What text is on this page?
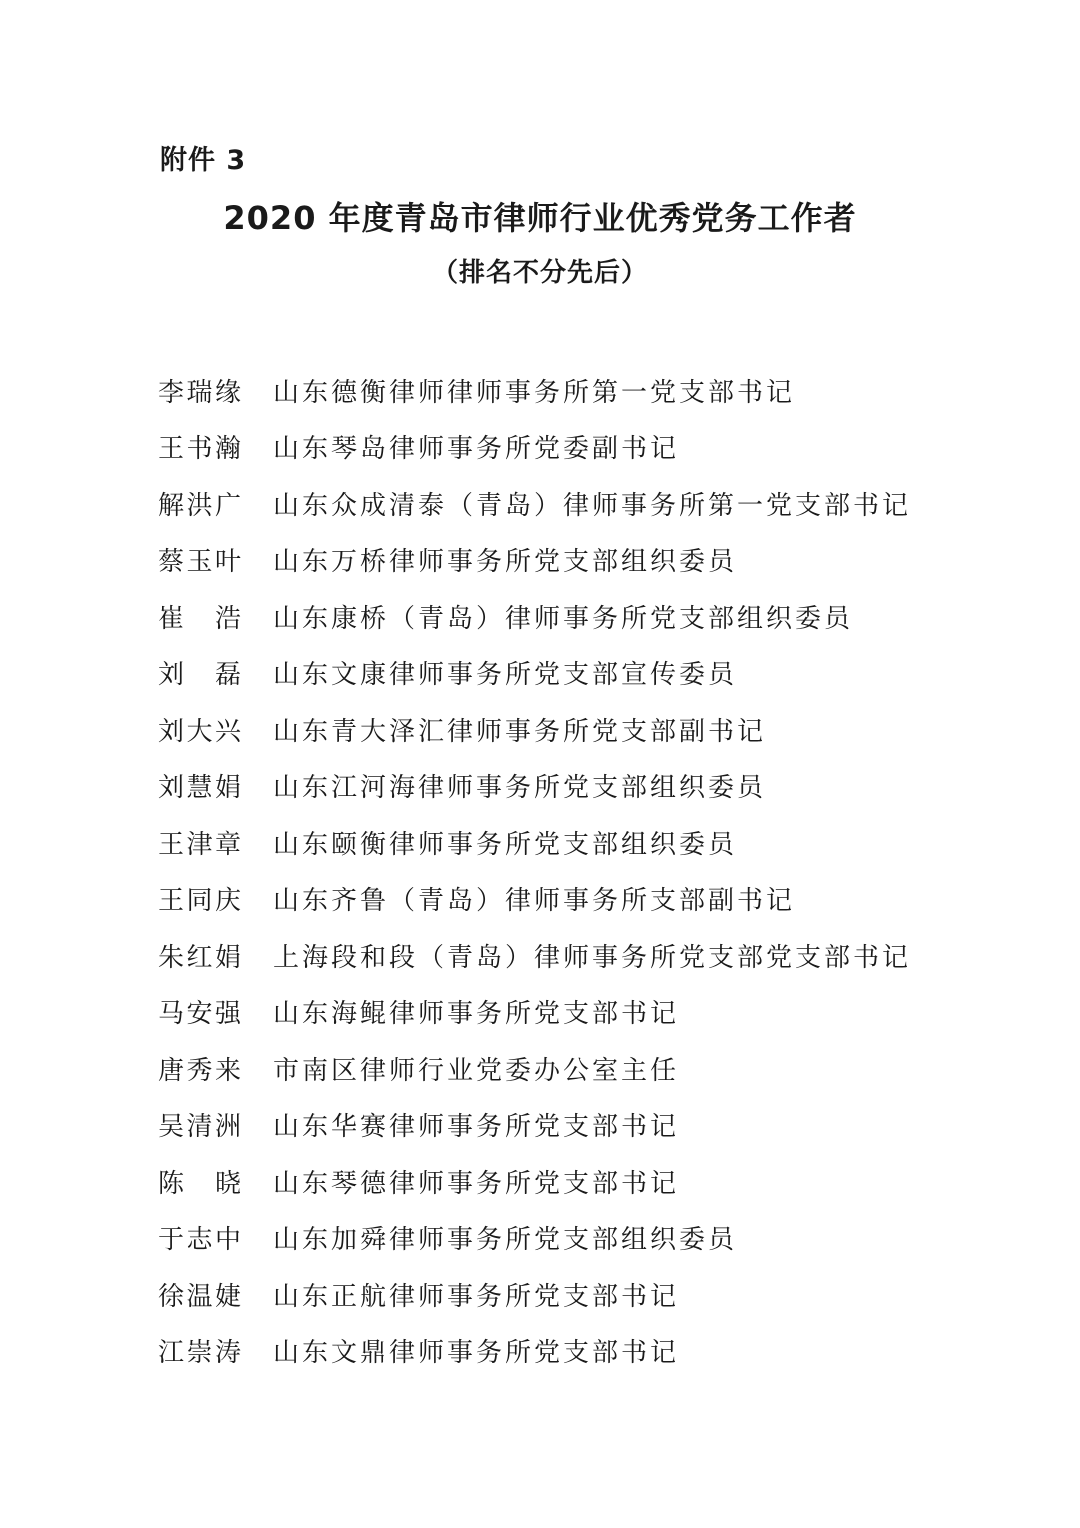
附件 3
2020 年度青岛市律师行业优秀党务工作者
（排名不分先后）
李瑞缘 山东德衡律师律师事务所第一党支部书记
王书瀚 山东琴岛律师事务所党委副书记
解洪广 山东众成清泰（青岛）律师事务所第一党支部书记
蔡玉叶 山东万桥律师事务所党支部组织委员
崔浩 山东康桥（青岛）律师事务所党支部组织委员
刘磊 山东文康律师事务所党支部宣传委员
刘大兴 山东青大泽汇律师事务所党支部副书记
刘慧娟 山东江河海律师事务所党支部组织委员
王津章 山东颐衡律师事务所党支部组织委员
王同庆 山东齐鲁（青岛）律师事务所支部副书记
朱红娟 上海段和段（青岛）律师事务所党支部党支部书记
马安强 山东海鲲律师事务所党支部书记
唐秀来 市南区律师行业党委办公室主任
吴清洲 山东华赛律师事务所党支部书记
陈晓 山东琴德律师事务所党支部书记
于志中 山东加舜律师事务所党支部组织委员
徐温婕 山东正航律师事务所党支部书记
江崇涛 山东文鼎律师事务所党支部书记
